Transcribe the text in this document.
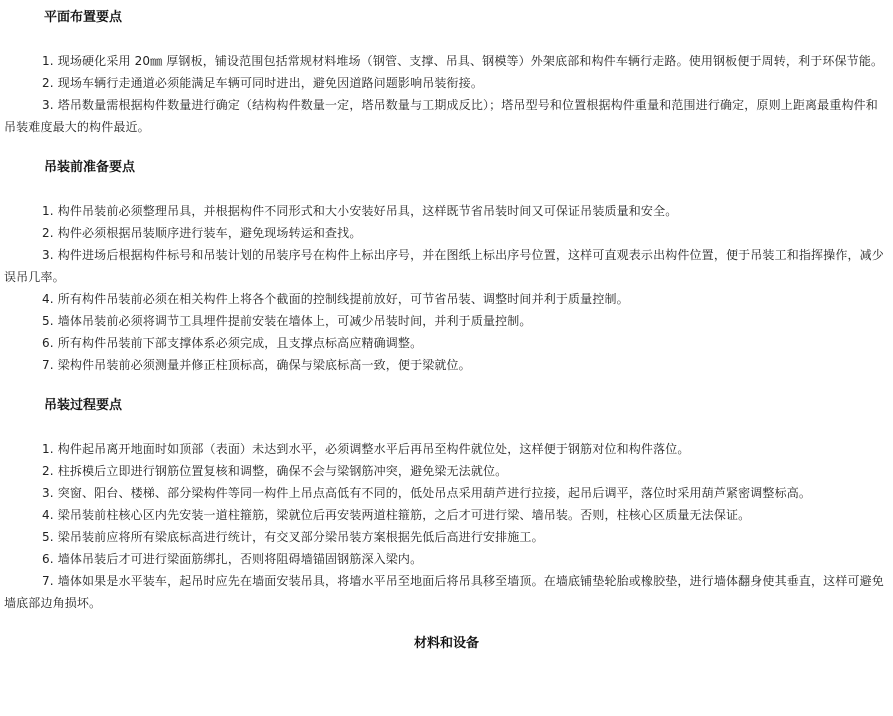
平面布置要点

1. 现场硬化采用 20㎜ 厚钢板，铺设范围包括常规材料堆场（钢管、支撑、吊具、钢模等）外架底部和构件车辆行走路。使用钢板便于周转，利于环保节能。

2. 现场车辆行走通道必须能满足车辆可同时进出，避免因道路问题影响吊装衔接。

3. 塔吊数量需根据构件数量进行确定（结构构件数量一定，塔吊数量与工期成反比）；塔吊型号和位置根据构件重量和范围进行确定，原则上距离最重构件和吊装难度最大的构件最近。

吊装前准备要点

1. 构件吊装前必须整理吊具，并根据构件不同形式和大小安装好吊具，这样既节省吊装时间又可保证吊装质量和安全。

2. 构件必须根据吊装顺序进行装车，避免现场转运和查找。

3. 构件进场后根据构件标号和吊装计划的吊装序号在构件上标出序号，并在图纸上标出序号位置，这样可直观表示出构件位置，便于吊装工和指挥操作，减少误吊几率。

4. 所有构件吊装前必须在相关构件上将各个截面的控制线提前放好，可节省吊装、调整时间并利于质量控制。

5. 墙体吊装前必须将调节工具埋件提前安装在墙体上，可减少吊装时间，并利于质量控制。

6. 所有构件吊装前下部支撑体系必须完成，且支撑点标高应精确调整。

7. 梁构件吊装前必须测量并修正柱顶标高，确保与梁底标高一致，便于梁就位。

吊装过程要点

1. 构件起吊离开地面时如顶部（表面）未达到水平，必须调整水平后再吊至构件就位处，这样便于钢筋对位和构件落位。

2. 柱拆模后立即进行钢筋位置复核和调整，确保不会与梁钢筋冲突，避免梁无法就位。

3. 突窗、阳台、楼梯、部分梁构件等同一构件上吊点高低有不同的，低处吊点采用葫芦进行拉接，起吊后调平，落位时采用葫芦紧密调整标高。

4. 梁吊装前柱核心区内先安装一道柱箍筋，梁就位后再安装两道柱箍筋，之后才可进行梁、墙吊装。否则，柱核心区质量无法保证。

5. 梁吊装前应将所有梁底标高进行统计，有交叉部分梁吊装方案根据先低后高进行安排施工。

6. 墙体吊装后才可进行梁面筋绑扎，否则将阻碍墙锚固钢筋深入梁内。

7. 墙体如果是水平装车，起吊时应先在墙面安装吊具，将墙水平吊至地面后将吊具移至墙顶。在墙底铺垫轮胎或橡胶垫，进行墙体翻身使其垂直，这样可避免墙底部边角损坏。

材料和设备
